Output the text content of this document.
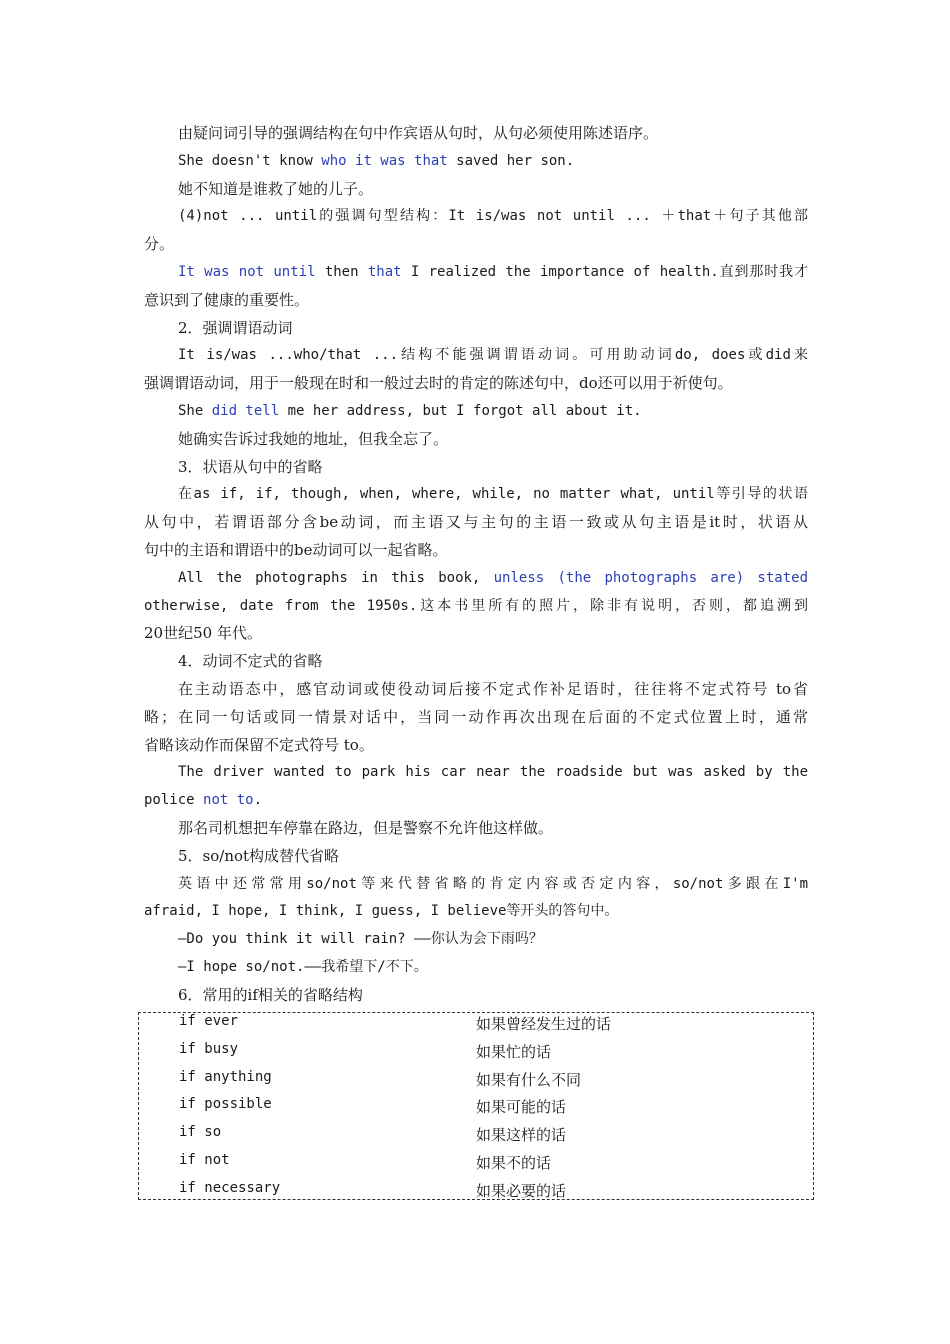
由疑问词引导的强调结构在句中作宾语从句时，从句必须使用陈述语序。

She doesn't know who it was that saved her son.

她不知道是谁救了她的儿子。

(4)not ... until的强调句型结构：It is/was not until ... ＋that＋句子其他部

分。

It was not until then that I realized the importance of health.直到那时我才

意识到了健康的重要性。

2．强调谓语动词

It is/was ...who/that ...结构不能强调谓语动词。可用助动词do, does或did来

强调谓语动词，用于一般现在时和一般过去时的肯定的陈述句中，do还可以用于祈使句。

She did tell me her address, but I forgot all about it.

她确实告诉过我她的地址，但我全忘了。

3．状语从句中的省略

在as if, if, though, when, where, while, no matter what, until等引导的状语

从句中，若谓语部分含be动词，而主语又与主句的主语一致或从句主语是it时，状语从

句中的主语和谓语中的be动词可以一起省略。

All the photographs in this book, unless (the photographs are) stated

otherwise, date from the 1950s.这本书里所有的照片，除非有说明，否则，都追溯到

20世纪50 年代。

4．动词不定式的省略

在主动语态中，感官动词或使役动词后接不定式作补足语时，往往将不定式符号 to省

略；在同一句话或同一情景对话中，当同一动作再次出现在后面的不定式位置上时，通常

省略该动作而保留不定式符号 to。

The driver wanted to park his car near the roadside but was asked by the

police not to.

那名司机想把车停靠在路边，但是警察不允许他这样做。

5．so/not构成替代省略

英语中还常常用so/not等来代替省略的肯定内容或否定内容，so/not多跟在I'm

afraid, I hope, I think, I guess, I believe等开头的答句中。

—Do you think it will rain? ——你认为会下雨吗？

—I hope so/not.——我希望下/不下。

6．常用的if相关的省略结构

if ever	如果曾经发生过的话
if busy	如果忙的话
if anything	如果有什么不同
if possible	如果可能的话
if so	如果这样的话
if not	如果不的话
if necessary	如果必要的话
